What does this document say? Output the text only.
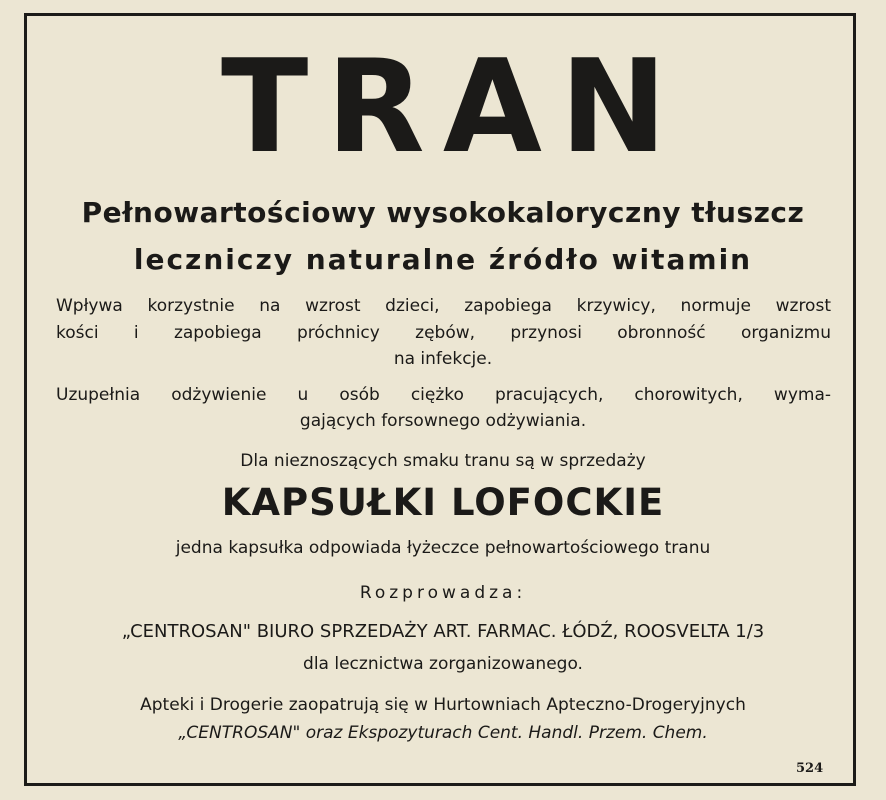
TRAN
Pełnowartościowy wysokokaloryczny tłuszcz
leczniczy naturalne źródło witamin
Wpływa korzystnie na wzrost dzieci, zapobiega krzywicy, normuje wzrost
kości i zapobiega próchnicy zębów, przynosi obronność organizmu
na infekcje.
Uzupełnia odżywienie u osób ciężko pracujących, chorowitych, wyma-
gających forsownego odżywiania.
Dla nieznoszących smaku tranu są w sprzedaży
KAPSUŁKI LOFOCKIE
jedna kapsułka odpowiada łyżeczce pełnowartościowego tranu
Rozprowadza:
„CENTROSAN" BIURO SPRZEDAŻY ART. FARMAC. ŁÓDŹ, ROOSVELTA 1/3
dla lecznictwa zorganizowanego.
Apteki i Drogerie zaopatrują się w Hurtowniach Apteczno-Drogeryjnych
„CENTROSAN" oraz Ekspozyturach Cent. Handl. Przem. Chem.
524
